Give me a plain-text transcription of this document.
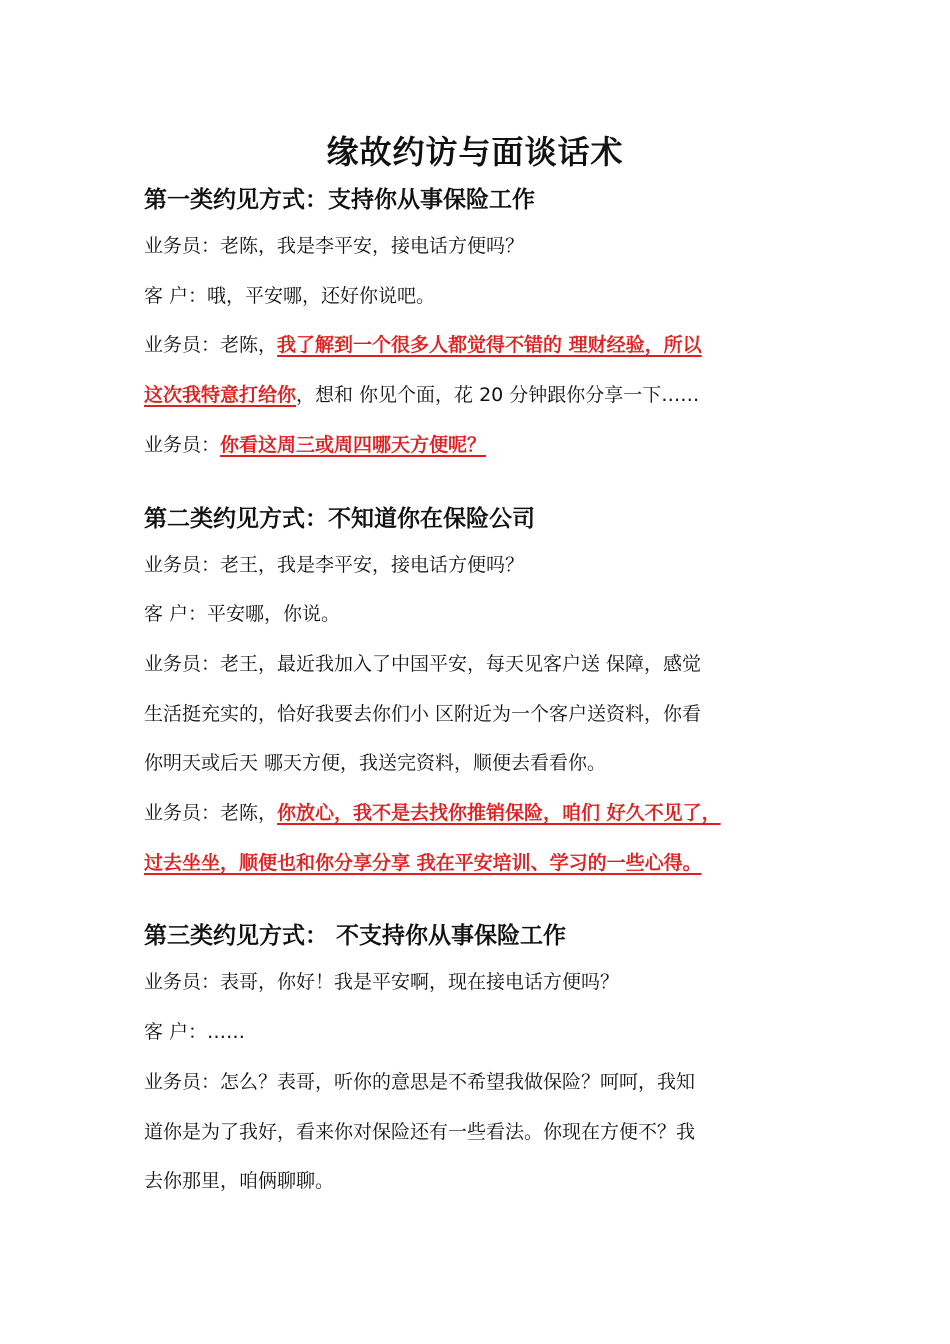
缘故约访与面谈话术

第一类约见方式：支持你从事保险工作

业务员：老陈，我是李平安，接电话方便吗？

客 户：哦，平安哪，还好你说吧。

业务员：老陈，我了解到一个很多人都觉得不错的 理财经验，所以

这次我特意打给你，想和 你见个面，花 20 分钟跟你分享一下……

业务员：你看这周三或周四哪天方便呢？

第二类约见方式：不知道你在保险公司

业务员：老王，我是李平安，接电话方便吗？

客 户：平安哪，你说。

业务员：老王，最近我加入了中国平安，每天见客户送 保障，感觉

生活挺充实的，恰好我要去你们小 区附近为一个客户送资料，你看

你明天或后天 哪天方便，我送完资料，顺便去看看你。

业务员：老陈，你放心，我不是去找你推销保险，咱们 好久不见了，

过去坐坐，顺便也和你分享分享 我在平安培训、学习的一些心得。

第三类约见方式： 不支持你从事保险工作

业务员：表哥，你好！我是平安啊，现在接电话方便吗？

客 户：……

业务员：怎么？表哥，听你的意思是不希望我做保险？呵呵，我知

道你是为了我好，看来你对保险还有一些看法。你现在方便不？我

去你那里，咱俩聊聊。
